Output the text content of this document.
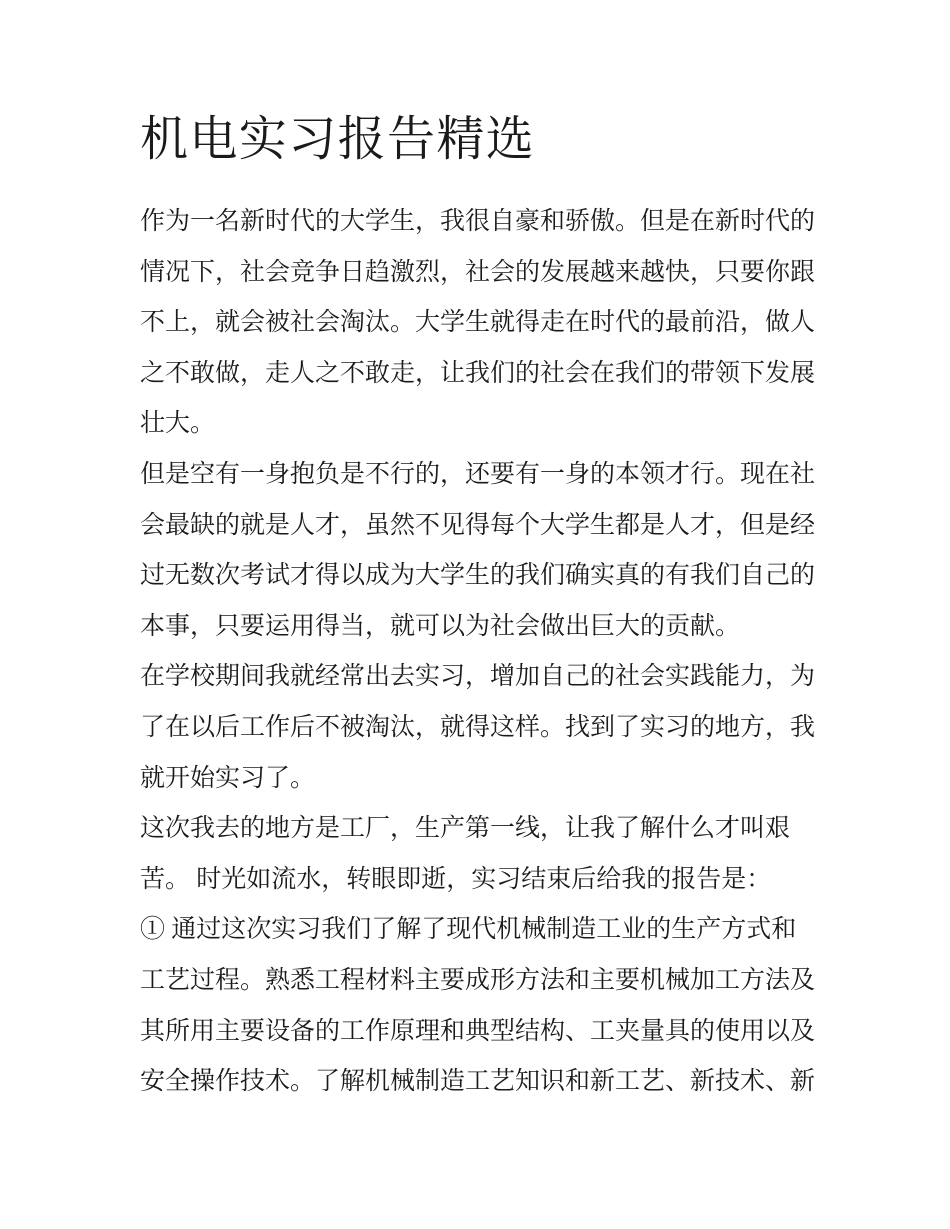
机电实习报告精选
作为一名新时代的大学生，我很自豪和骄傲。但是在新时代的
情况下，社会竞争日趋激烈，社会的发展越来越快，只要你跟
不上，就会被社会淘汰。大学生就得走在时代的最前沿，做人
之不敢做，走人之不敢走，让我们的社会在我们的带领下发展
壮大。
但是空有一身抱负是不行的，还要有一身的本领才行。现在社
会最缺的就是人才，虽然不见得每个大学生都是人才，但是经
过无数次考试才得以成为大学生的我们确实真的有我们自己的
本事，只要运用得当，就可以为社会做出巨大的贡献。
在学校期间我就经常出去实习，增加自己的社会实践能力，为
了在以后工作后不被淘汰，就得这样。找到了实习的地方，我
就开始实习了。
这次我去的地方是工厂，生产第一线，让我了解什么才叫艰
苦。 时光如流水，转眼即逝，实习结束后给我的报告是：
① 通过这次实习我们了解了现代机械制造工业的生产方式和
工艺过程。熟悉工程材料主要成形方法和主要机械加工方法及
其所用主要设备的工作原理和典型结构、工夹量具的使用以及
安全操作技术。了解机械制造工艺知识和新工艺、新技术、新
